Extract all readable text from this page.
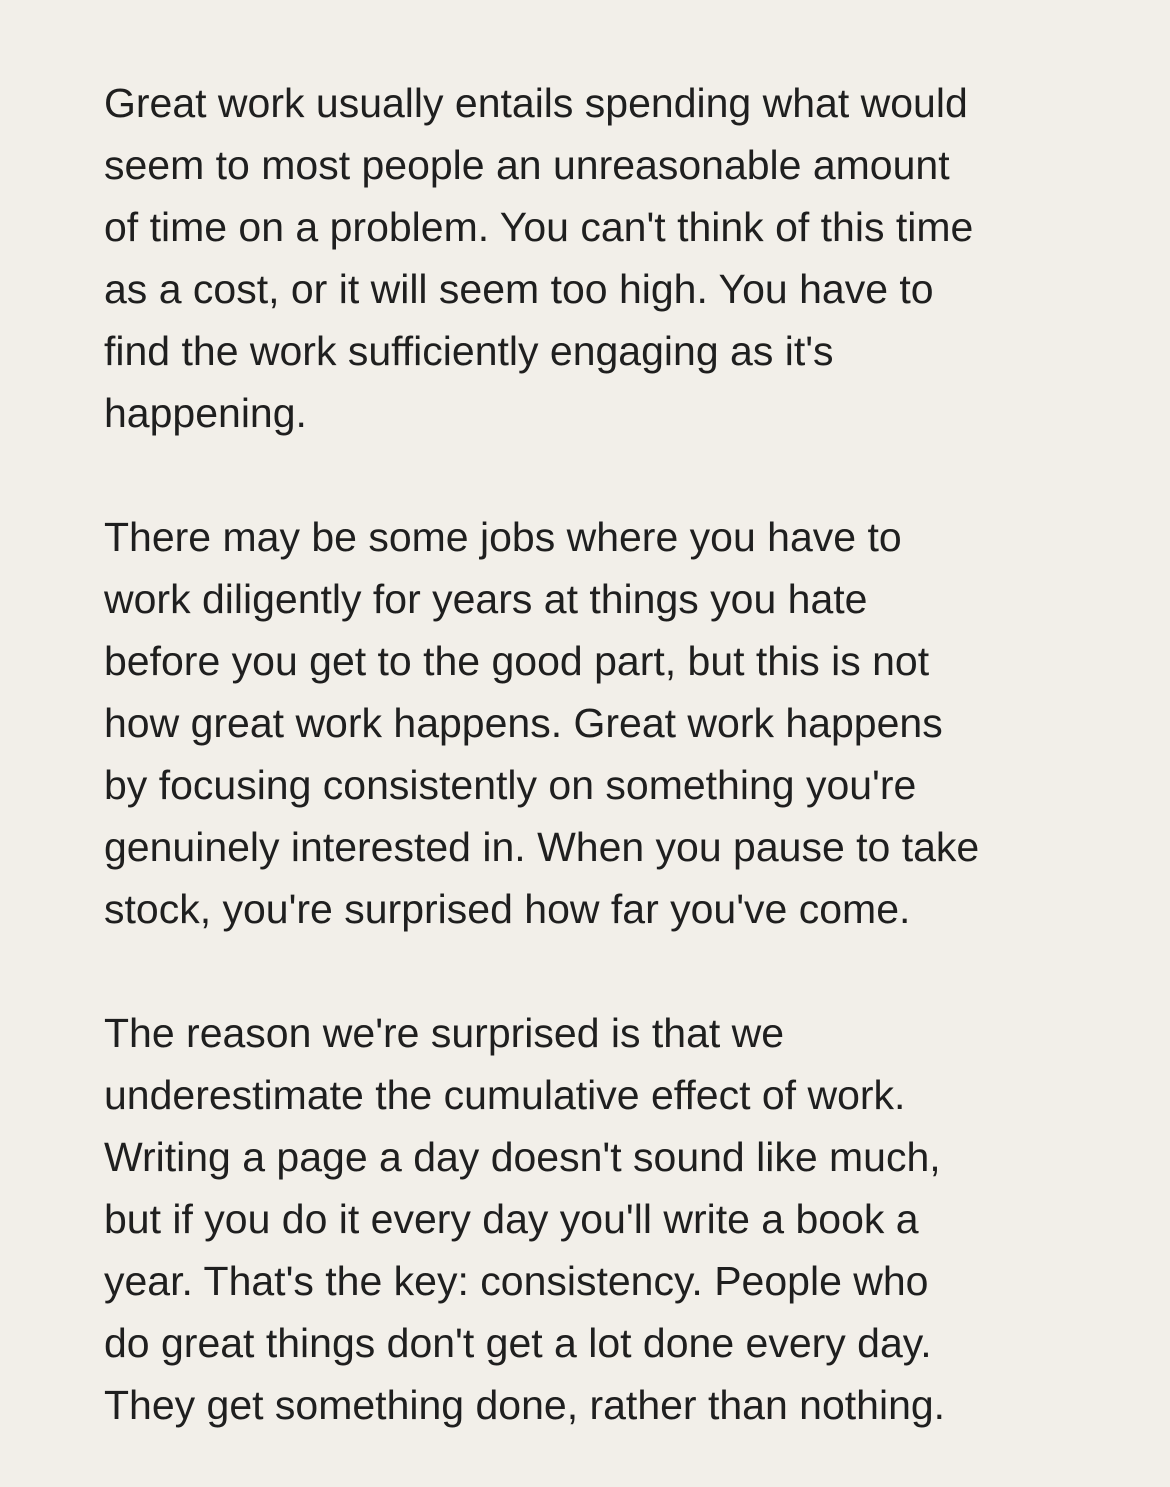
Great work usually entails spending what would
seem to most people an unreasonable amount
of time on a problem. You can't think of this time
as a cost, or it will seem too high. You have to
find the work sufficiently engaging as it's
happening.
There may be some jobs where you have to
work diligently for years at things you hate
before you get to the good part, but this is not
how great work happens. Great work happens
by focusing consistently on something you're
genuinely interested in. When you pause to take
stock, you're surprised how far you've come.
The reason we're surprised is that we
underestimate the cumulative effect of work.
Writing a page a day doesn't sound like much,
but if you do it every day you'll write a book a
year. That's the key: consistency. People who
do great things don't get a lot done every day.
They get something done, rather than nothing.
